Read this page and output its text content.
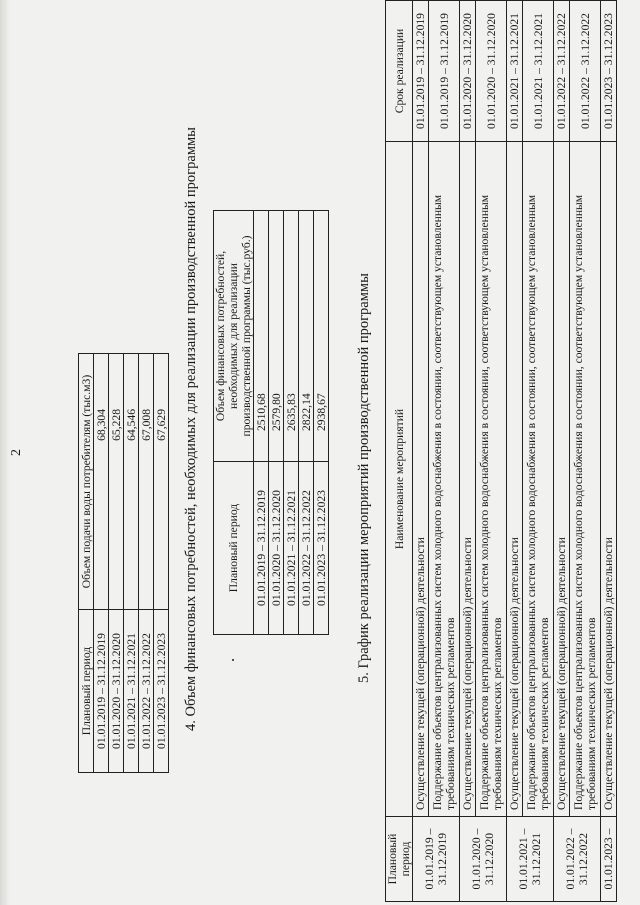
2
Плановый период	Объем подачи воды потребителям (тыс.м3)
01.01.2019 – 31.12.2019	68,304
01.01.2020 – 31.12.2020	65,228
01.01.2021 – 31.12.2021	64,546
01.01.2022 – 31.12.2022	67,008
01.01.2023 – 31.12.2023	67,629 4. Объем финансовых потребностей, необходимых для реализации производственной программы	•	Плановый период	Объем финансовых потребностей, необходимых для реализации производственной программы (тыс.руб.)
	01.01.2019 – 31.12.2019	2510,68
	01.01.2020 – 31.12.2020	2579,80
	01.01.2021 – 31.12.2021	2635,83
	01.01.2022 – 31.12.2022	2822,14
	01.01.2023 – 31.12.2023	2938,67 5. График реализации мероприятий производственной программы
Плановый период	Наименование мероприятий	Срок реализации
01.01.2019 – 31.12.2019	Осуществление текущей (операционной) деятельности	01.01.2019 – 31.12.2019
	Поддержание объектов централизованных систем холодного водоснабжения в состоянии, соответствующем установленным требованиям технических регламентов	01.01.2019 – 31.12.2019
01.01.2020 – 31.12.2020	Осуществление текущей (операционной) деятельности	01.01.2020 – 31.12.2020
	Поддержание объектов централизованных систем холодного водоснабжения в состоянии, соответствующем установленным требованиям технических регламентов	01.01.2020 – 31.12.2020
01.01.2021 – 31.12.2021	Осуществление текущей (операционной) деятельности	01.01.2021 – 31.12.2021
	Поддержание объектов централизованных систем холодного водоснабжения в состоянии, соответствующем установленным требованиям технических регламентов	01.01.2021 – 31.12.2021
01.01.2022 – 31.12.2022	Осуществление текущей (операционной) деятельности	01.01.2022 – 31.12.2022
	Поддержание объектов централизованных систем холодного водоснабжения в состоянии, соответствующем установленным требованиям технических регламентов	01.01.2022 – 31.12.2022
01.01.2023 –	Осуществление текущей (операционной) деятельности	01.01.2023 – 31.12.2023
